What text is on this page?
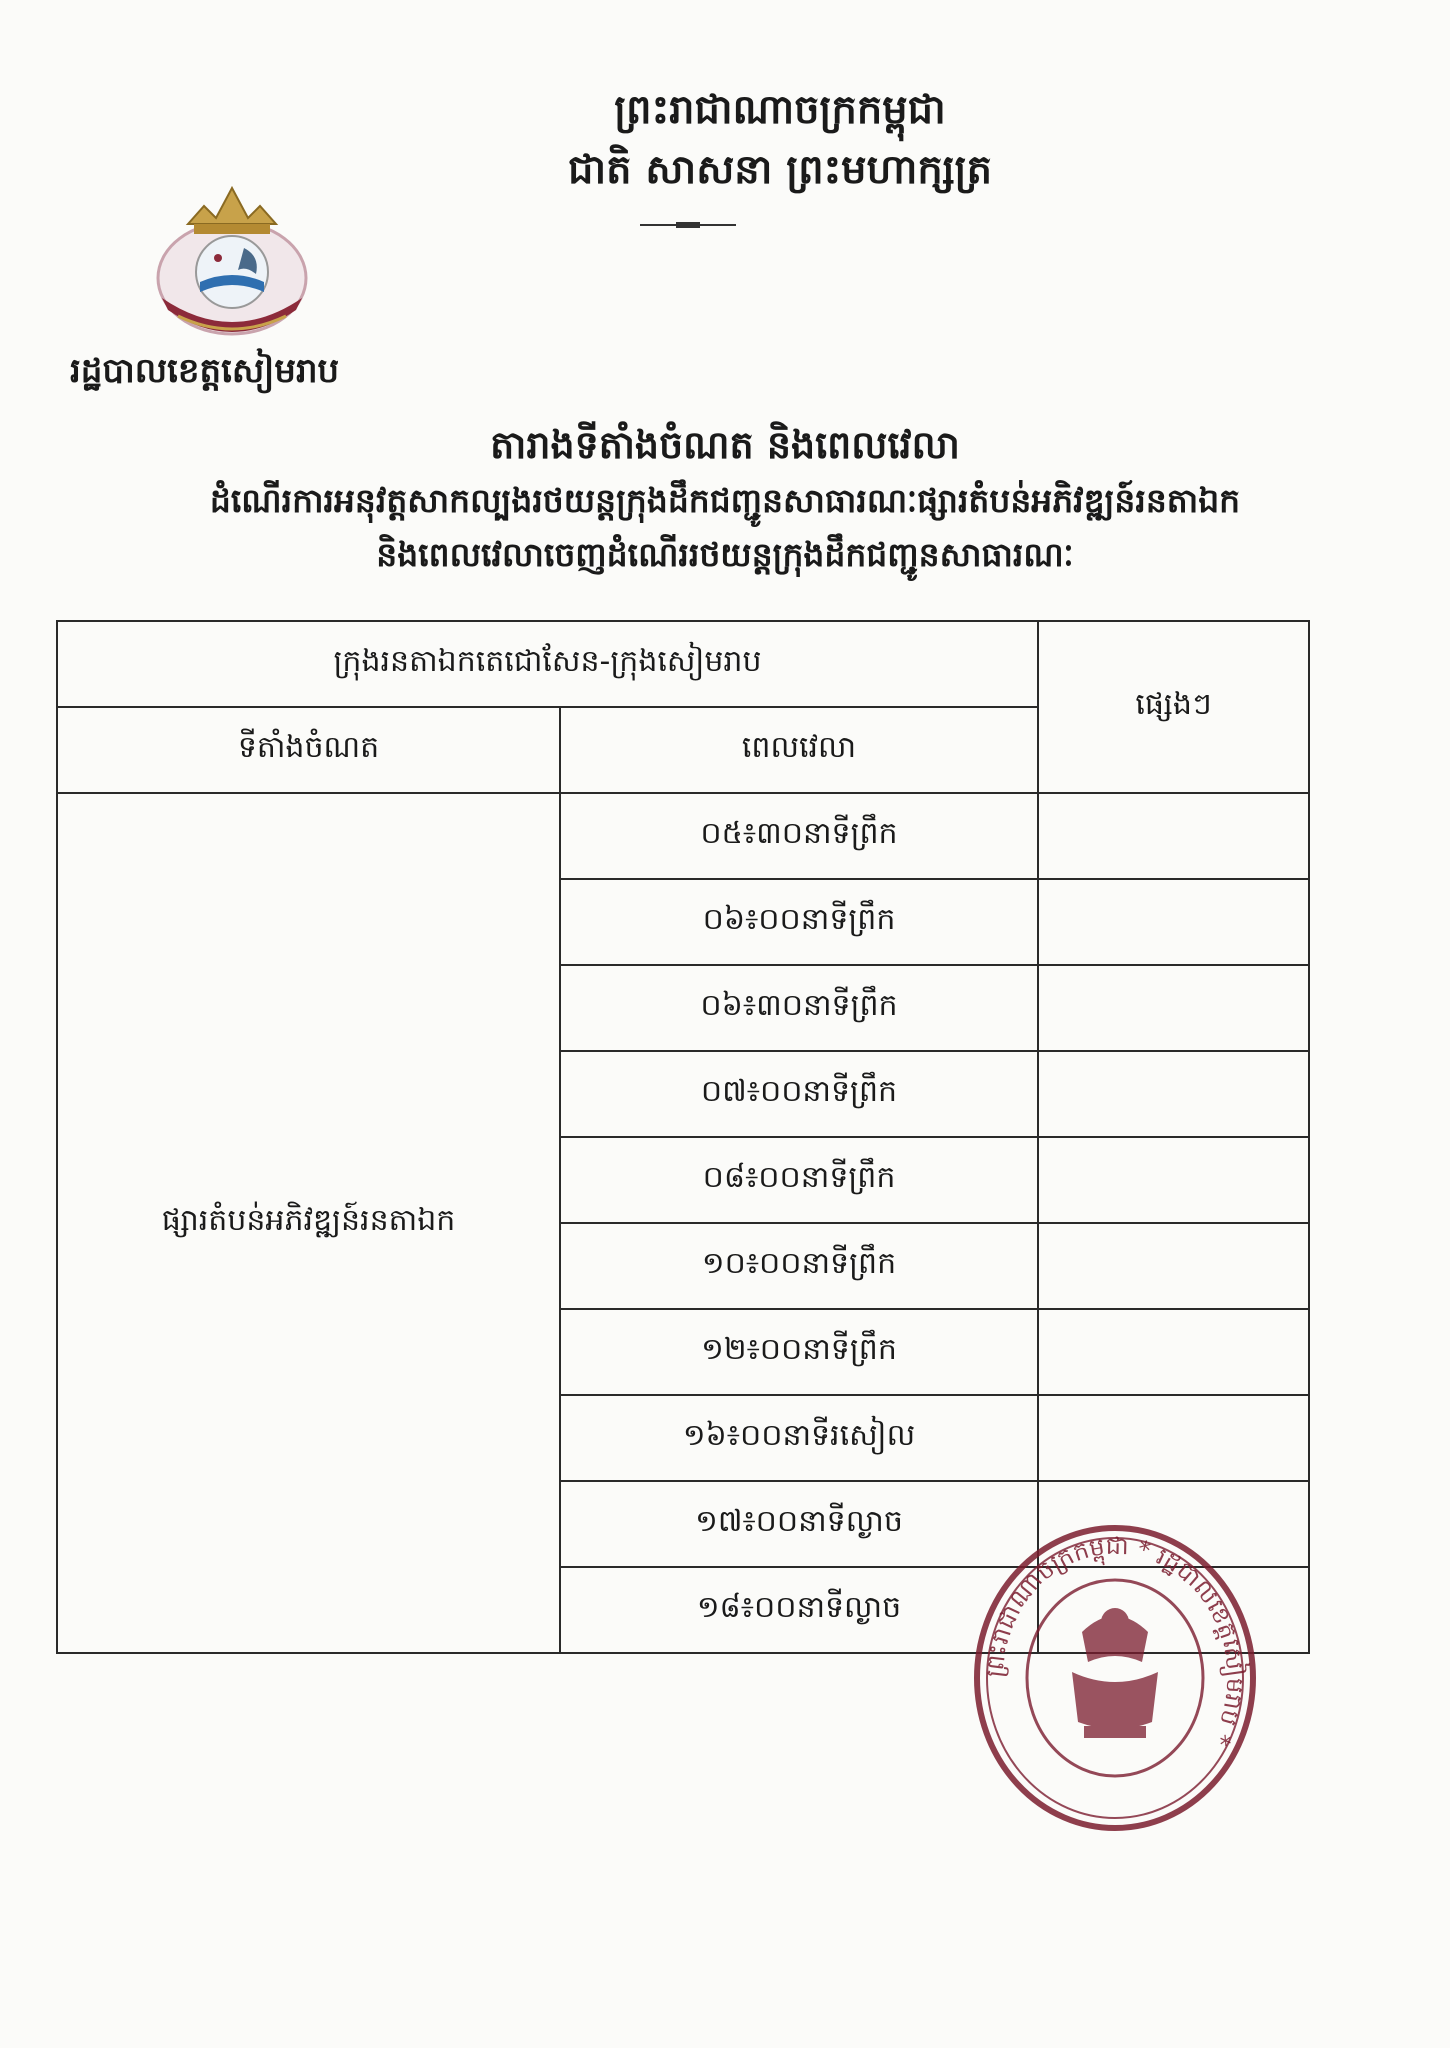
ព្រះរាជាណាចក្រកម្ពុជា
ជាតិ សាសនា ព្រះមហាក្សត្រ
រដ្ឋបាលខេត្តសៀមរាប
តារាងទីតាំងចំណត និងពេលវេលា
ដំណើរការអនុវត្តសាកល្បងរថយន្តក្រុងដឹកជញ្ជូនសាធារណៈផ្សារតំបន់អភិវឌ្ឍន៍រនតាឯក
និងពេលវេលាចេញដំណើររថយន្តក្រុងដឹកជញ្ជូនសាធារណៈ
ក្រុងរនតាឯកតេជោសែន-ក្រុងសៀមរាប		ផ្សេងៗ
ទីតាំងចំណត	ពេលវេលា	
ផ្សារតំបន់អភិវឌ្ឍន៍រនតាឯក	០៥៖៣០នាទីព្រឹក	
	០៦៖០០នាទីព្រឹក	
	០៦៖៣០នាទីព្រឹក	
	០៧៖០០នាទីព្រឹក	
	០៨៖០០នាទីព្រឹក	
	១០៖០០នាទីព្រឹក	
	១២៖០០នាទីព្រឹក	
	១៦៖០០នាទីរសៀល	
	១៧៖០០នាទីល្ងាច	
	១៨៖០០នាទីល្ងាច	
ព្រះរាជាណាចក្រកម្ពុជា * រដ្ឋបាលខេត្តសៀមរាប *
